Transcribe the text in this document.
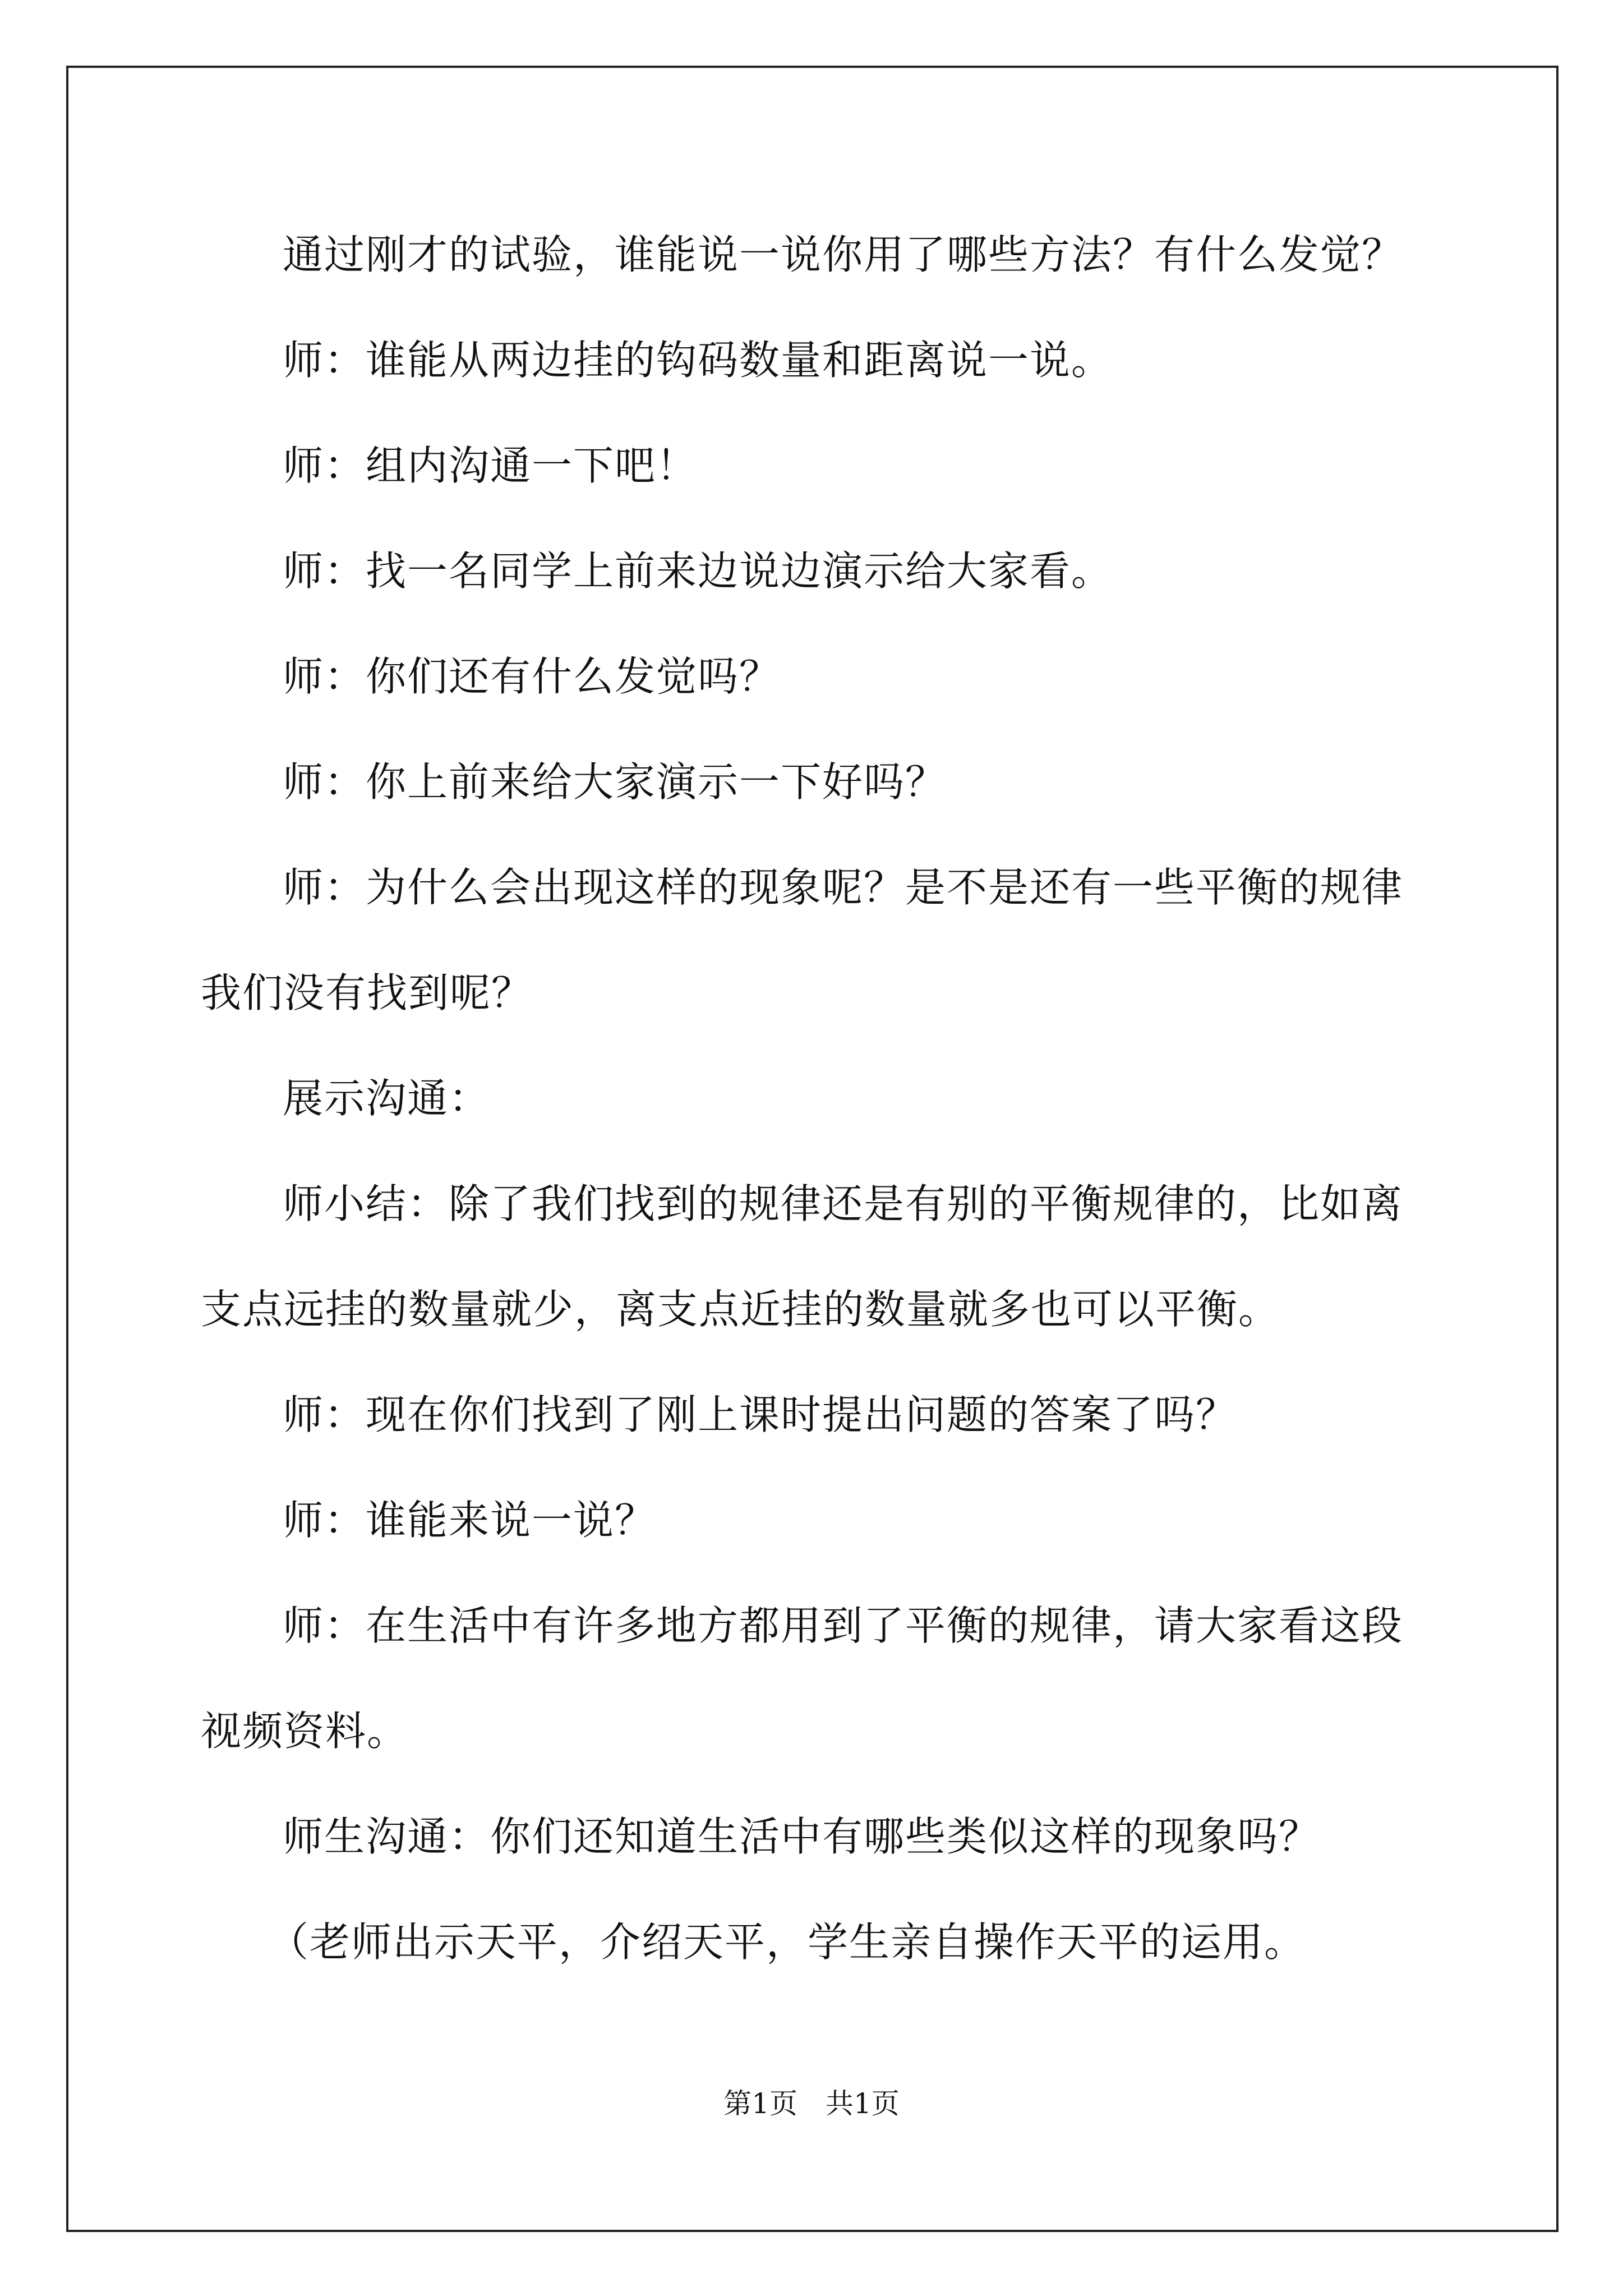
通过刚才的试验，谁能说一说你用了哪些方法？有什么发觉？

师：谁能从两边挂的钩码数量和距离说一说。

师：组内沟通一下吧！

师：找一名同学上前来边说边演示给大家看。

师：你们还有什么发觉吗？

师：你上前来给大家演示一下好吗？

师：为什么会出现这样的现象呢？是不是还有一些平衡的规律我们没有找到呢？

展示沟通：

师小结：除了我们找到的规律还是有别的平衡规律的，比如离支点远挂的数量就少，离支点近挂的数量就多也可以平衡。

师：现在你们找到了刚上课时提出问题的答案了吗？

师：谁能来说一说？

师：在生活中有许多地方都用到了平衡的规律，请大家看这段视频资料。

师生沟通：你们还知道生活中有哪些类似这样的现象吗？

（老师出示天平，介绍天平，学生亲自操作天平的运用。

第1页　共1页
